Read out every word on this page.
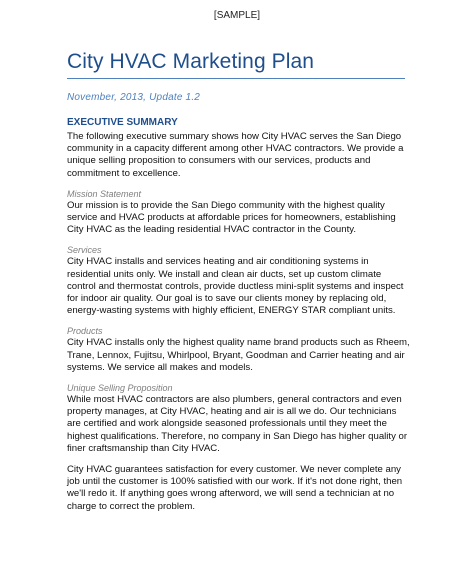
[SAMPLE]
City HVAC Marketing Plan
November, 2013, Update 1.2
EXECUTIVE SUMMARY

The following executive summary shows how City HVAC serves the San Diego community in a capacity different among other HVAC contractors. We provide a unique selling proposition to consumers with our services, products and commitment to excellence.

Mission Statement

Our mission is to provide the San Diego community with the highest quality service and HVAC products at affordable prices for homeowners, establishing City HVAC as the leading residential HVAC contractor in the County.

Services

City HVAC installs and services heating and air conditioning systems in residential units only. We install and clean air ducts, set up custom climate control and thermostat controls, provide ductless mini-split systems and inspect for indoor air quality. Our goal is to save our clients money by replacing old, energy-wasting systems with highly efficient, ENERGY STAR compliant units.

Products

City HVAC installs only the highest quality name brand products such as Rheem, Trane, Lennox, Fujitsu, Whirlpool, Bryant, Goodman and Carrier heating and air systems. We service all makes and models.

Unique Selling Proposition

While most HVAC contractors are also plumbers, general contractors and even property manages, at City HVAC, heating and air is all we do. Our technicians are certified and work alongside seasoned professionals until they meet the highest qualifications. Therefore, no company in San Diego has higher quality or finer craftsmanship than City HVAC.

City HVAC guarantees satisfaction for every customer. We never complete any job until the customer is 100% satisfied with our work. If it's not done right, then we'll redo it. If anything goes wrong afterword, we will send a technician at no charge to correct the problem.
